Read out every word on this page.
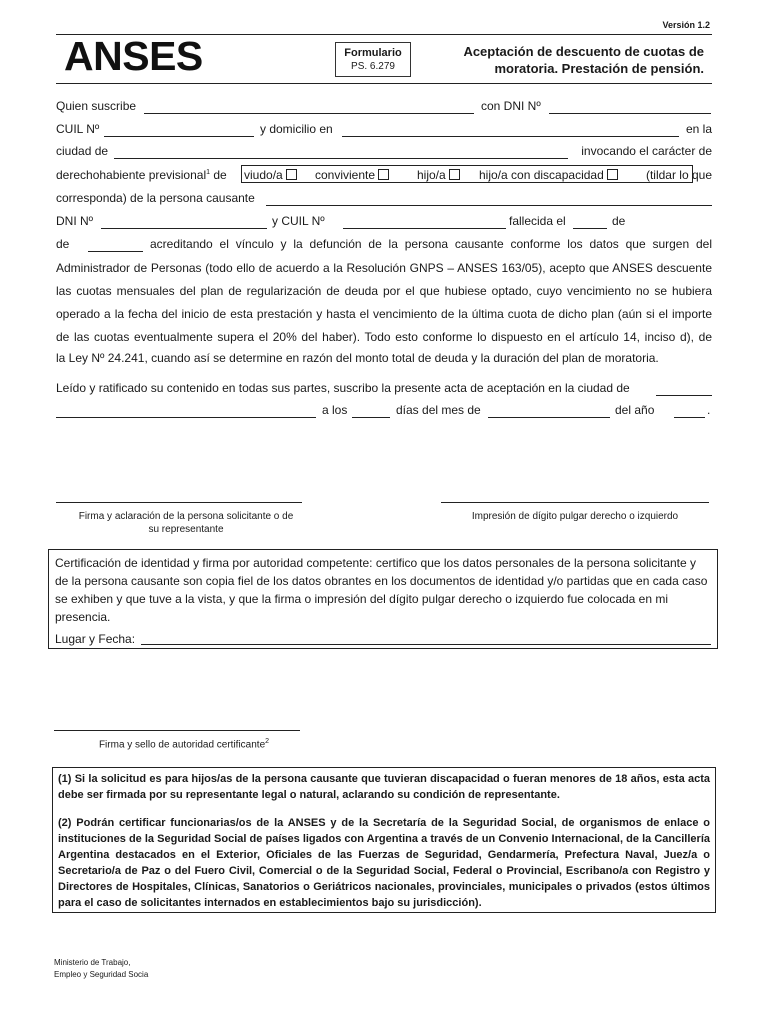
Versión 1.2
ANSES	Formulario
PS. 6.279
Aceptación de descuento de cuotas de
moratoria. Prestación de pensión.
Quien suscribe	con DNI Nº
CUIL Nº	y domicilio en	en la
ciudad de	invocando el carácter de
derechohabiente previsional$^1$ de viudo/a	conviviente	hijo/a	hijo/a con discapacidad	(tildar lo que
corresponda) de la persona causante
DNI Nº	y CUIL Nº	fallecida el	de
de	acreditando el vínculo y la defunción de la persona causante conforme los datos que surgen del
Administrador de Personas (todo ello de acuerdo a la Resolución GNPS – ANSES 163/05), acepto que ANSES descuente
las cuotas mensuales del plan de regularización de deuda por el que hubiese optado, cuyo vencimiento no se hubiera
operado a la fecha del inicio de esta prestación y hasta el vencimiento de la última cuota de dicho plan (aún si el importe
de las cuotas eventualmente supera el 20% del haber). Todo esto conforme lo dispuesto en el artículo 14, inciso d), de
la Ley Nº 24.241, cuando así se determine en razón del monto total de deuda y la duración del plan de moratoria.
Leído y ratificado su contenido en todas sus partes, suscribo la presente acta de aceptación en la ciudad de
a los	días del mes de	del año	.
Firma y aclaración de la persona solicitante o de
su representante
Impresión de dígito pulgar derecho o izquierdo
Certificación de identidad y firma por autoridad competente: certifico que los datos personales de la persona solicitante y de la persona causante son copia fiel de los datos obrantes en los documentos de identidad y/o partidas que en cada caso se exhiben y que tuve a la vista, y que la firma o impresión del dígito pulgar derecho o izquierdo fue colocada en mi presencia.
Lugar y Fecha:
Firma y sello de autoridad certificante$^2$

(1) Si la solicitud es para hijos/as de la persona causante que tuvieran discapacidad o fueran menores de 18 años, esta acta debe ser firmada por su representante legal o natural, aclarando su condición de representante.

(2) Podrán certificar funcionarias/os de la ANSES y de la Secretaría de la Seguridad Social, de organismos de enlace o instituciones de la Seguridad Social de países ligados con Argentina a través de un Convenio Internacional, de la Cancillería Argentina destacados en el Exterior, Oficiales de las Fuerzas de Seguridad, Gendarmería, Prefectura Naval, Juez/a o Secretario/a de Paz o del Fuero Civil, Comercial o de la Seguridad Social, Federal o Provincial, Escribano/a con Registro y Directores de Hospitales, Clínicas, Sanatorios o Geriátricos nacionales, provinciales, municipales o privados (estos últimos para el caso de solicitantes internados en establecimientos bajo su jurisdicción).

Ministerio de Trabajo,
Empleo y Seguridad Socia
